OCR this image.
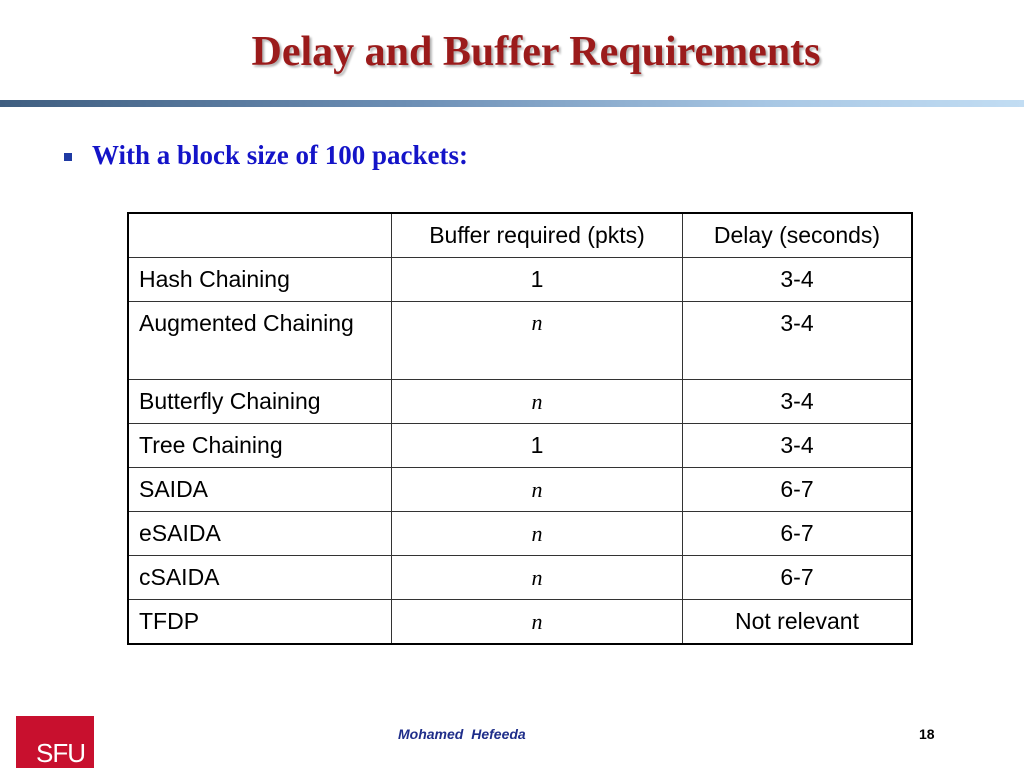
Delay and Buffer Requirements
With a block size of 100 packets:
	Buffer required (pkts)	Delay (seconds)
Hash Chaining	1	3-4
Augmented Chaining	n	3-4
Butterfly Chaining	n	3-4
Tree Chaining	1	3-4
SAIDA	n	6-7
eSAIDA	n	6-7
cSAIDA	n	6-7
TFDP	n	Not relevant
SFU
Mohamed Hefeeda	18
